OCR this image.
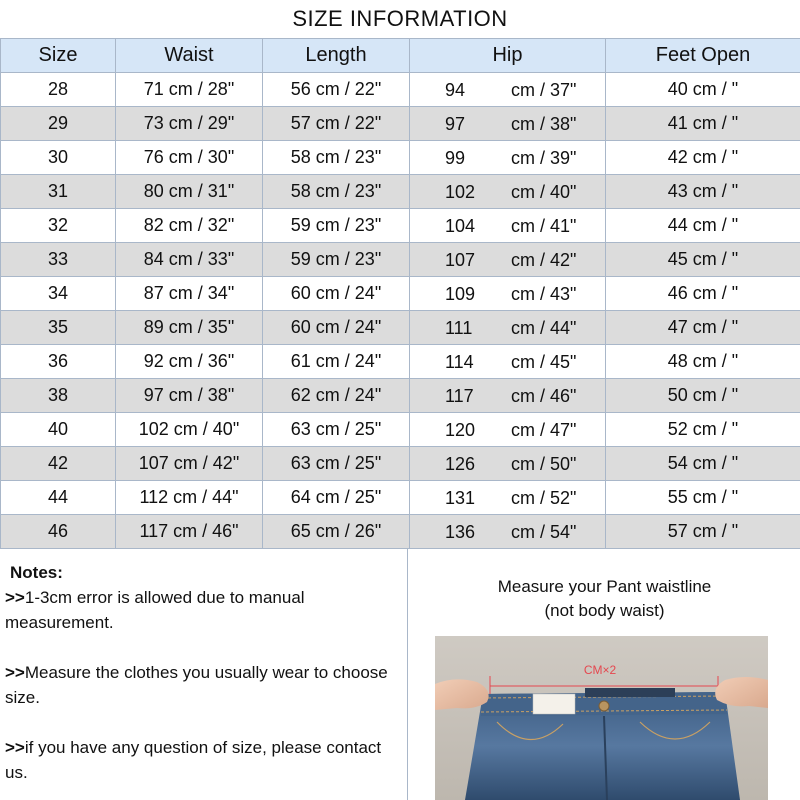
SIZE INFORMATION
Size	Waist	Length	Hip	Feet Open
28	71 cm / 28"	56 cm / 22"	94 cm / 37"	40 cm / "
29	73 cm / 29"	57 cm / 22"	97 cm / 38"	41 cm / "
30	76 cm / 30"	58 cm / 23"	99 cm / 39"	42 cm / "
31	80 cm / 31"	58 cm / 23"	102 cm / 40"	43 cm / "
32	82 cm / 32"	59 cm / 23"	104 cm / 41"	44 cm / "
33	84 cm / 33"	59 cm / 23"	107 cm / 42"	45 cm / "
34	87 cm / 34"	60 cm / 24"	109 cm / 43"	46 cm / "
35	89 cm / 35"	60 cm / 24"	111 cm / 44"	47 cm / "
36	92 cm / 36"	61 cm / 24"	114 cm / 45"	48 cm / "
38	97 cm / 38"	62 cm / 24"	117 cm / 46"	50 cm / "
40	102 cm / 40"	63 cm / 25"	120 cm / 47"	52 cm / "
42	107 cm / 42"	63 cm / 25"	126 cm / 50"	54 cm / "
44	112 cm / 44"	64 cm / 25"	131 cm / 52"	55 cm / "
46	117 cm / 46"	65 cm / 26"	136 cm / 54"	57 cm / "
Notes:
>>1-3cm error is allowed due to manual measurement.
>>Measure the clothes you usually wear to choose size.
>>if you have any question of size, please contact us.
Measure your Pant waistline
(not body waist)
CM×2
